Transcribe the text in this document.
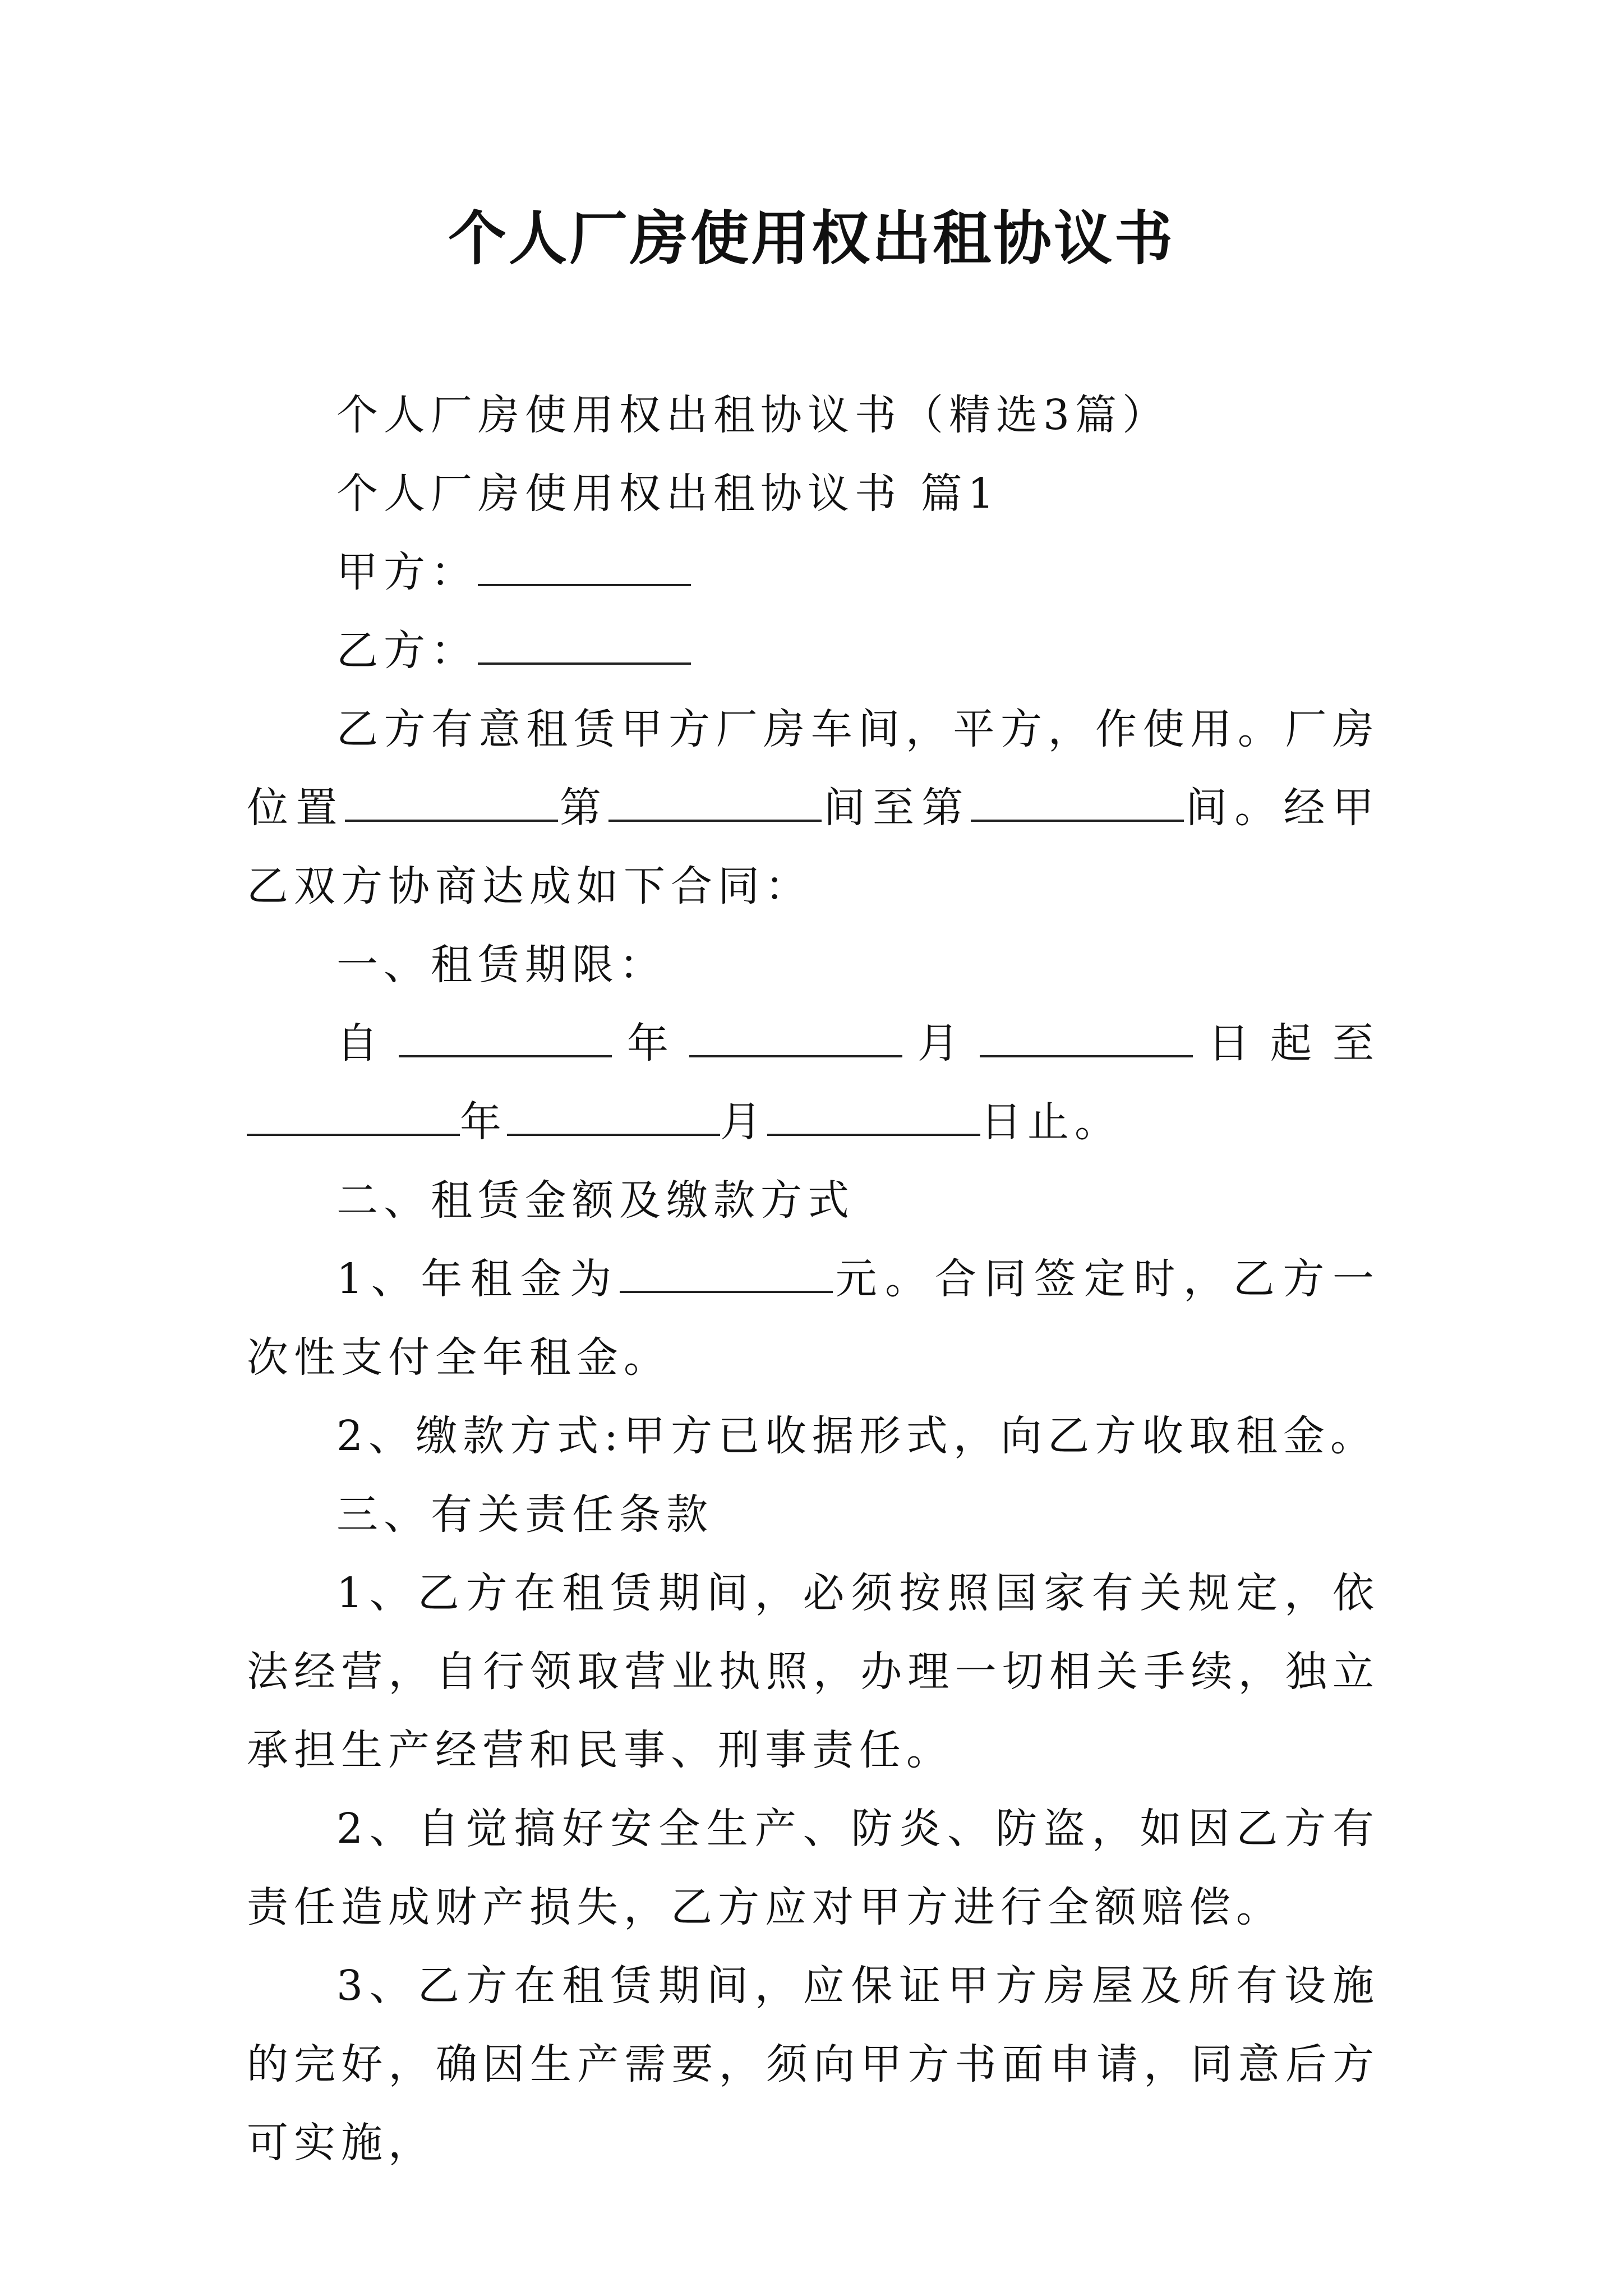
个人厂房使用权出租协议书

个人厂房使用权出租协议书（精选3篇）

个人厂房使用权出租协议书 篇1

甲方：

乙方：

乙方有意租赁甲方厂房车间，平方，作使用。厂房位置	第	间至第	间。经甲乙双方协商达成如下合同：

一、租赁期限：

自	年	月	日起至年	月	日止。

二、租赁金额及缴款方式

1、年租金为	元。合同签定时，乙方一次性支付全年租金。

2、缴款方式:甲方已收据形式，向乙方收取租金。

三、有关责任条款

1、乙方在租赁期间，必须按照国家有关规定，依法经营，自行领取营业执照，办理一切相关手续，独立承担生产经营和民事、刑事责任。

2、自觉搞好安全生产、防炎、防盗，如因乙方有责任造成财产损失，乙方应对甲方进行全额赔偿。

3、乙方在租赁期间，应保证甲方房屋及所有设施的完好，确因生产需要，须向甲方书面申请，同意后方可实施，
